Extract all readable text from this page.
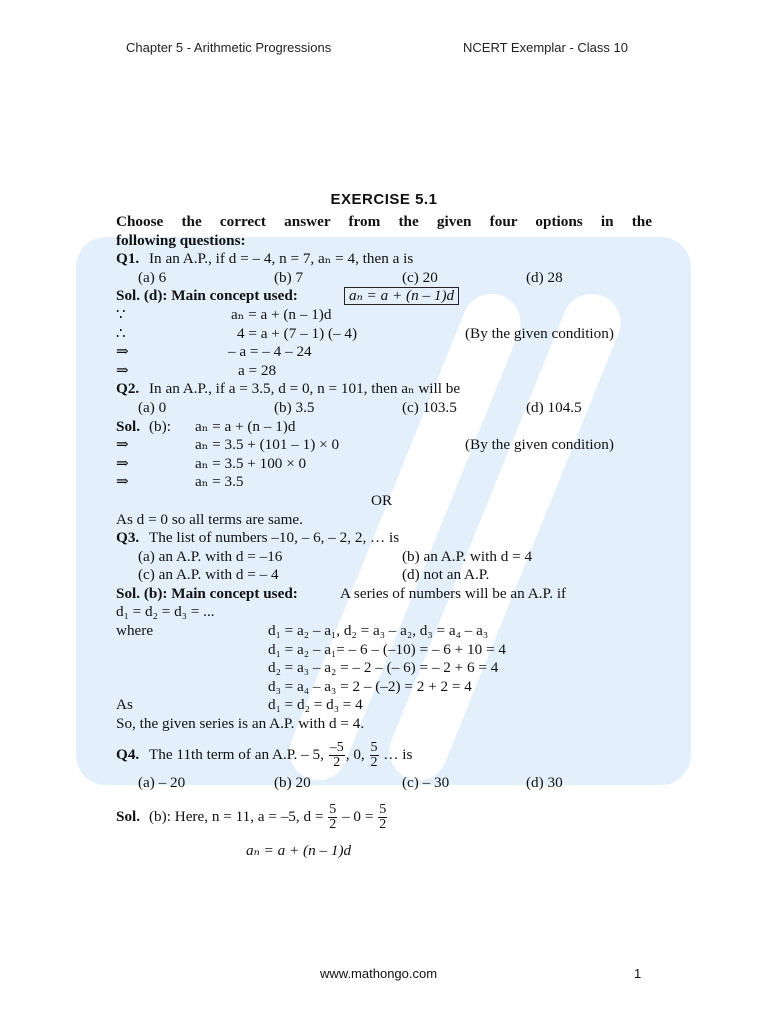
Chapter 5 - Arithmetic Progressions	NCERT Exemplar - Class 10
EXERCISE 5.1
Choose the correct answer from the given four options in the
following questions:
Q1. In an A.P., if d = – 4, n = 7, aₙ = 4, then a is
(a) 6	(b) 7	(c) 20	(d) 28
Sol. (d): Main concept used:	aₙ = a + (n – 1)d
∵	aₙ = a + (n – 1)d
∴	4 = a + (7 – 1) (– 4)	(By the given condition)
⇒	– a = – 4 – 24
⇒	a = 28
Q2. In an A.P., if a = 3.5, d = 0, n = 101, then aₙ will be
(a) 0	(b) 3.5	(c) 103.5	(d) 104.5
Sol. (b): aₙ = a + (n – 1)d
⇒	aₙ = 3.5 + (101 – 1) × 0	(By the given condition)
⇒	aₙ = 3.5 + 100 × 0
⇒	aₙ = 3.5
OR
As d = 0 so all terms are same.
Q3. The list of numbers –10, – 6, – 2, 2, … is
(a) an A.P. with d = –16	(b) an A.P. with d = 4
(c) an A.P. with d = – 4	(d) not an A.P.
Sol. (b): Main concept used:	A series of numbers will be an A.P. if
d₁ = d₂ = d₃ = ...
where	d₁ = a₂ – a₁, d₂ = a₃ – a₂, d₃ = a₄ – a₃
d₁ = a₂ – a₁= – 6 – (–10) = – 6 + 10 = 4
d₂ = a₃ – a₂ = – 2 – (– 6) = – 2 + 6 = 4
d₃ = a₄ – a₃ = 2 – (–2) = 2 + 2 = 4
As	d₁ = d₂ = d₃ = 4
So, the given series is an A.P. with d = 4.
Q4. The 11th term of an A.P. – 5, $\frac{-5}{2}$ , 0, $\frac{5}{2}$ … is
(a) – 20	(b) 20	(c) – 30	(d) 30
Sol. (b): Here, n = 11, a = –5, $d = \frac{5}{2} - 0 = \frac{5}{2}$
aₙ = a + (n – 1)d
www.mathongo.com	1
